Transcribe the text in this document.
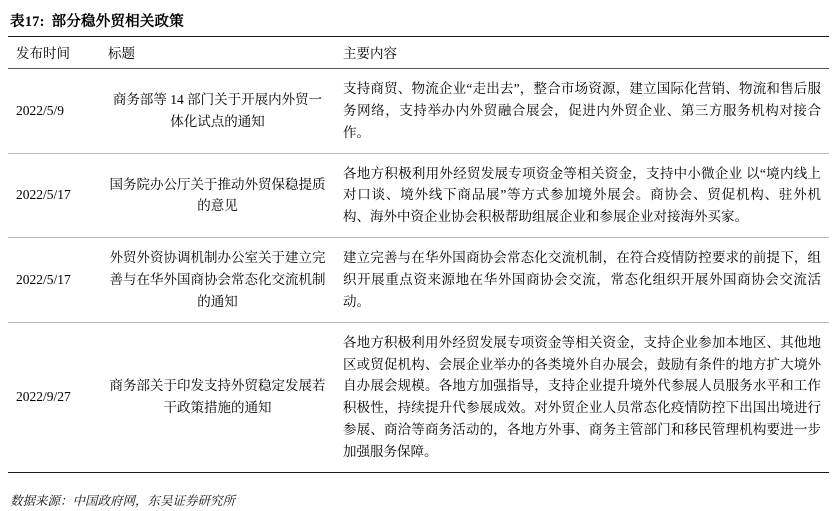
表17: 部分稳外贸相关政策
发布时间	标题	主要内容
2022/5/9	商务部等 14 部门关于开展内外贸一体化试点的通知	支持商贸、物流企业“走出去”，整合市场资源，建立国际化营销、物流和售后服务网络，支持举办内外贸融合展会，促进内外贸企业、第三方服务机构对接合作。
2022/5/17	国务院办公厅关于推动外贸保稳提质的意见	各地方积极利用外经贸发展专项资金等相关资金，支持中小微企业 以“境内线上对口谈、境外线下商品展”等方式参加境外展会。商协会、贸促机构、驻外机构、海外中资企业协会积极帮助组展企业和参展企业对接海外买家。
2022/5/17	外贸外资协调机制办公室关于建立完善与在华外国商协会常态化交流机制的通知	建立完善与在华外国商协会常态化交流机制，在符合疫情防控要求的前提下，组织开展重点资来源地在华外国商协会交流，常态化组织开展外国商协会交流活动。
2022/9/27	商务部关于印发支持外贸稳定发展若干政策措施的通知	各地方积极利用外经贸发展专项资金等相关资金，支持企业参加本地区、其他地区或贸促机构、会展企业举办的各类境外自办展会，鼓励有条件的地方扩大境外自办展会规模。各地方加强指导，支持企业提升境外代参展人员服务水平和工作积极性，持续提升代参展成效。对外贸企业人员常态化疫情防控下出国出境进行参展、商洽等商务活动的，各地方外事、商务主管部门和移民管理机构要进一步加强服务保障。
数据来源：中国政府网，东吴证券研究所
